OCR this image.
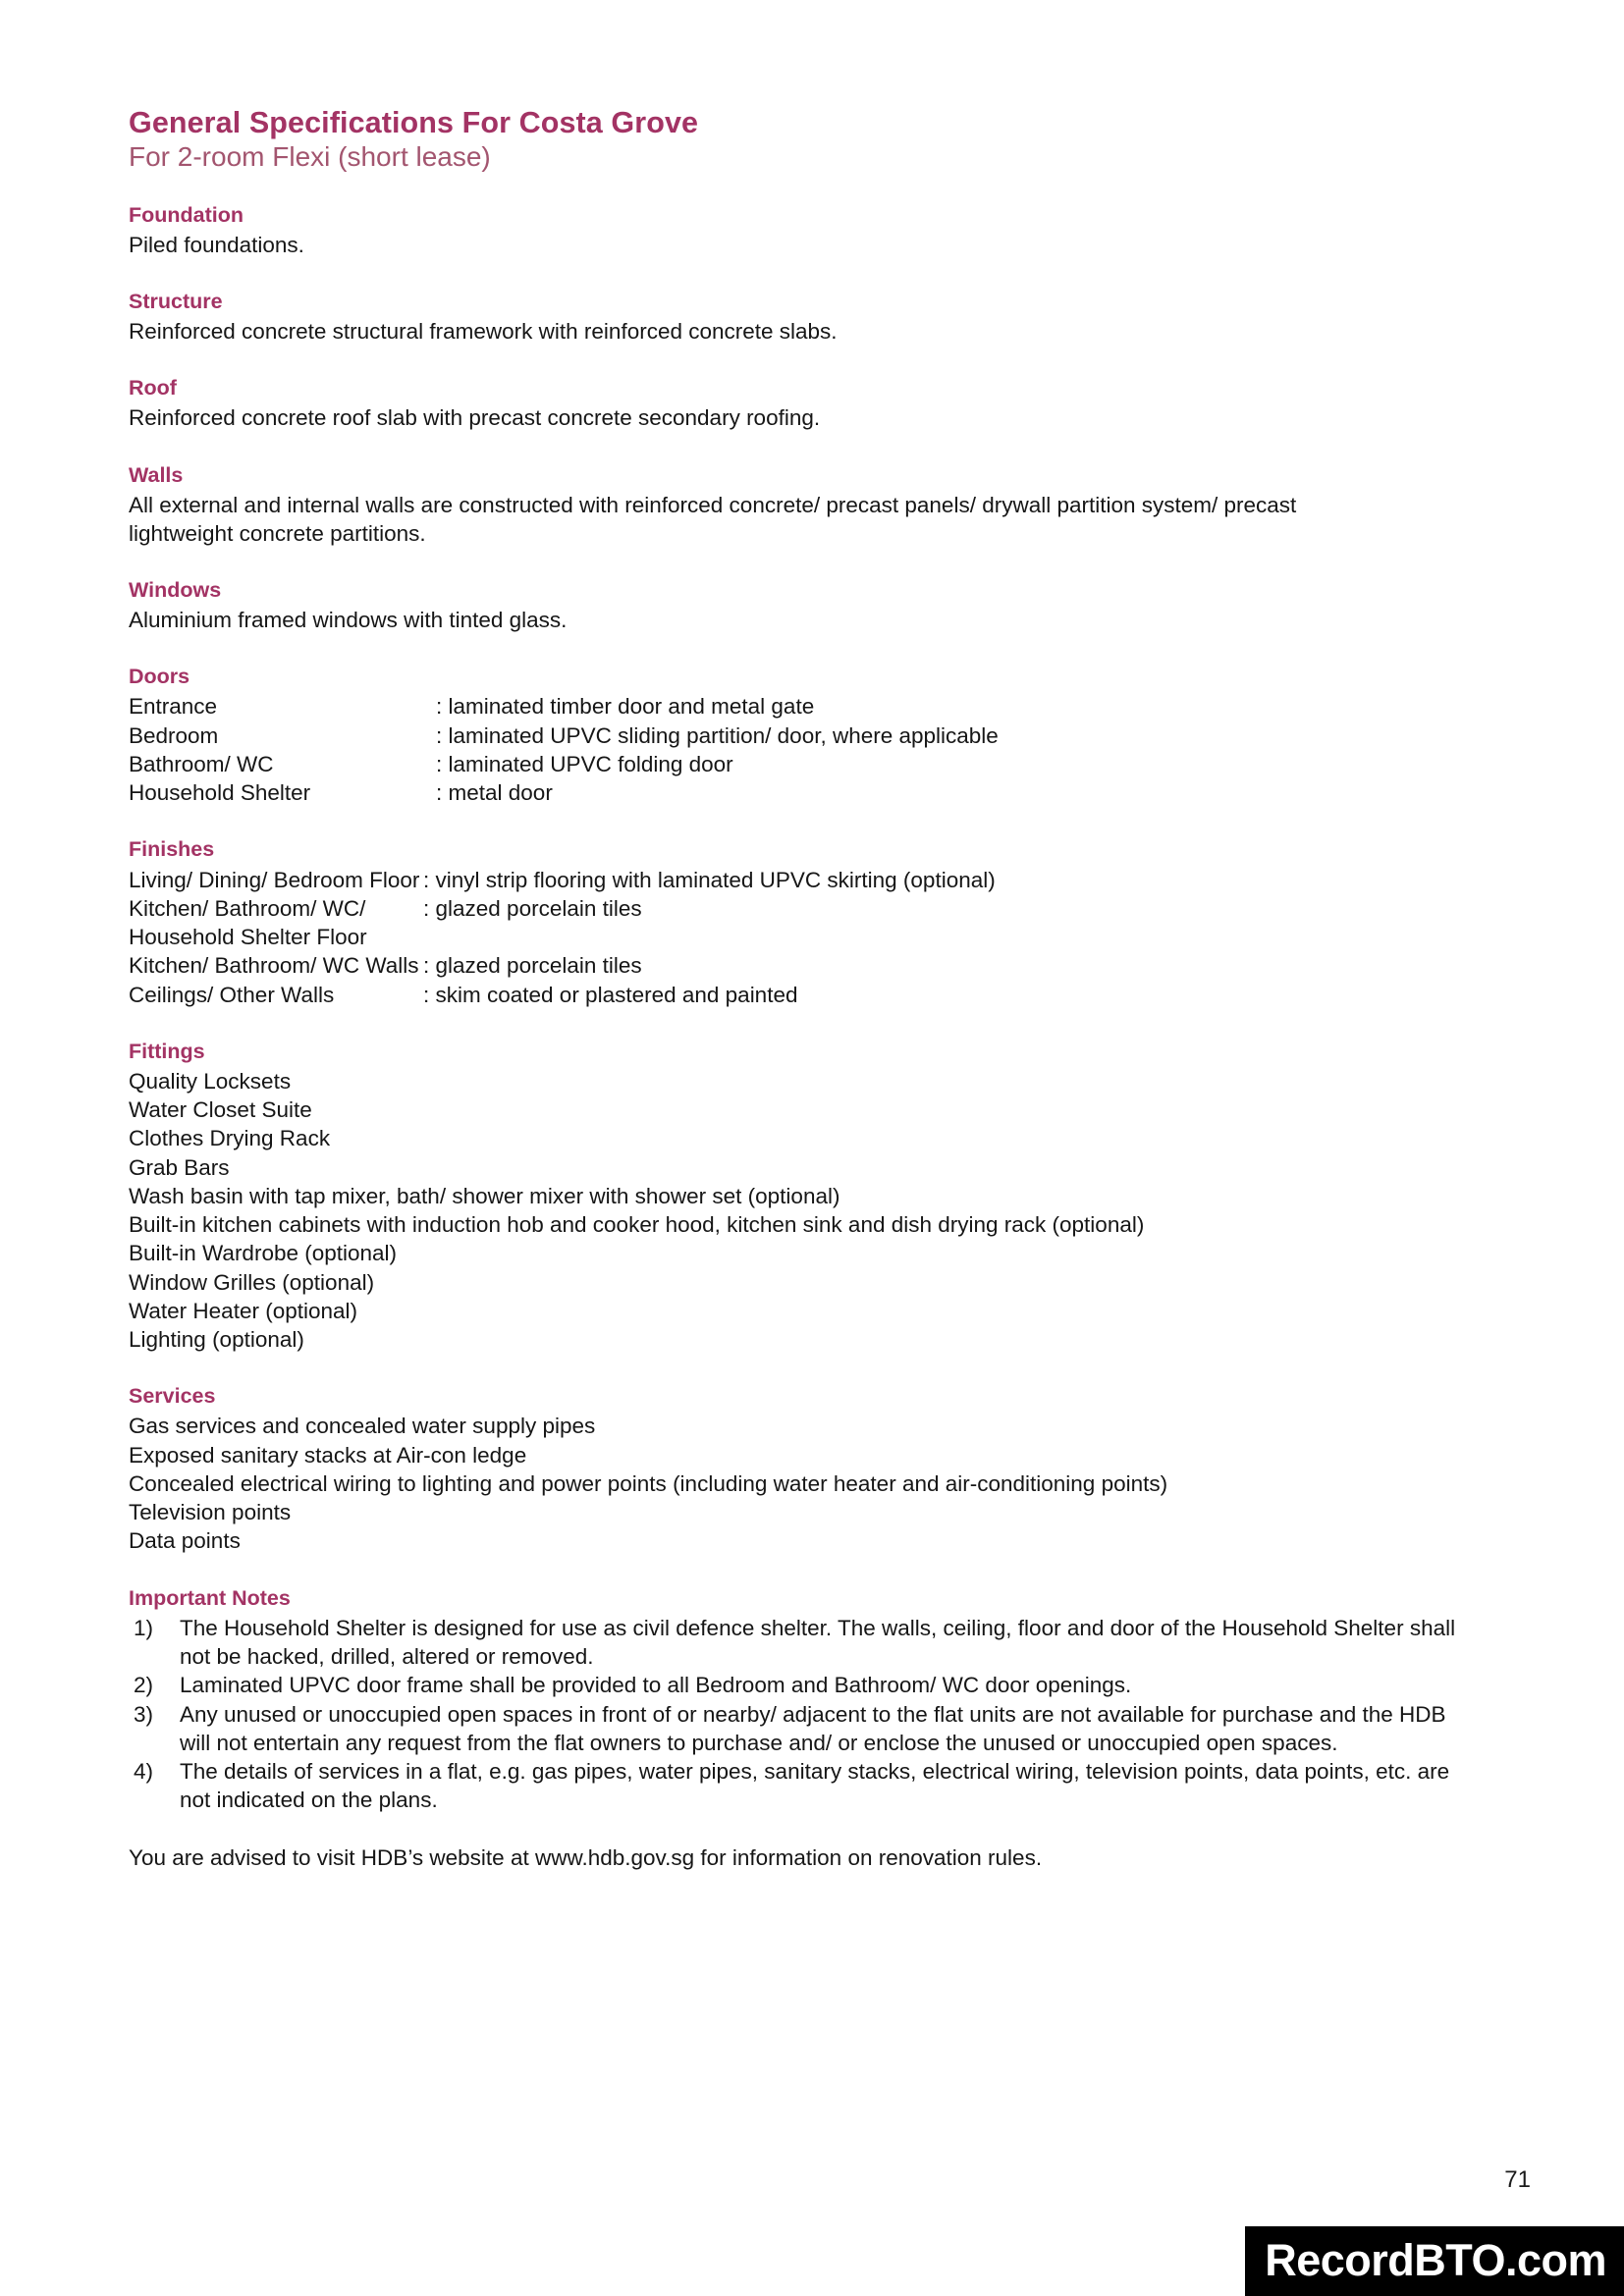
General Specifications For Costa Grove
For 2-room Flexi (short lease)
Foundation

Piled foundations.

Structure

Reinforced concrete structural framework with reinforced concrete slabs.

Roof

Reinforced concrete roof slab with precast concrete secondary roofing.

Walls

All external and internal walls are constructed with reinforced concrete/ precast panels/ drywall partition system/ precast lightweight concrete partitions.

Windows

Aluminium framed windows with tinted glass.

Doors
Entrance	: laminated timber door and metal gate
Bedroom	: laminated UPVC sliding partition/ door, where applicable
Bathroom/ WC	: laminated UPVC folding door
Household Shelter	: metal door
Finishes
Living/ Dining/ Bedroom Floor	: vinyl strip flooring with laminated UPVC skirting (optional)
Kitchen/ Bathroom/ WC/	: glazed porcelain tiles
Household Shelter Floor	
Kitchen/ Bathroom/ WC Walls	: glazed porcelain tiles
Ceilings/ Other Walls	: skim coated or plastered and painted
Fittings

Quality Locksets

Water Closet Suite

Clothes Drying Rack

Grab Bars

Wash basin with tap mixer, bath/ shower mixer with shower set (optional)

Built-in kitchen cabinets with induction hob and cooker hood, kitchen sink and dish drying rack (optional)

Built-in Wardrobe (optional)

Window Grilles (optional)

Water Heater (optional)

Lighting (optional)

Services

Gas services and concealed water supply pipes

Exposed sanitary stacks at Air-con ledge

Concealed electrical wiring to lighting and power points (including water heater and air-conditioning points)

Television points

Data points

Important Notes
1)	The Household Shelter is designed for use as civil defence shelter. The walls, ceiling, floor and door of the Household Shelter shall not be hacked, drilled, altered or removed.
2)	Laminated UPVC door frame shall be provided to all Bedroom and Bathroom/ WC door openings.
3)	Any unused or unoccupied open spaces in front of or nearby/ adjacent to the flat units are not available for purchase and the HDB will not entertain any request from the flat owners to purchase and/ or enclose the unused or unoccupied open spaces.
4)	The details of services in a flat, e.g. gas pipes, water pipes, sanitary stacks, electrical wiring, television points, data points, etc. are not indicated on the plans.

You are advised to visit HDB’s website at www.hdb.gov.sg for information on renovation rules.

71
RecordBTO.com
